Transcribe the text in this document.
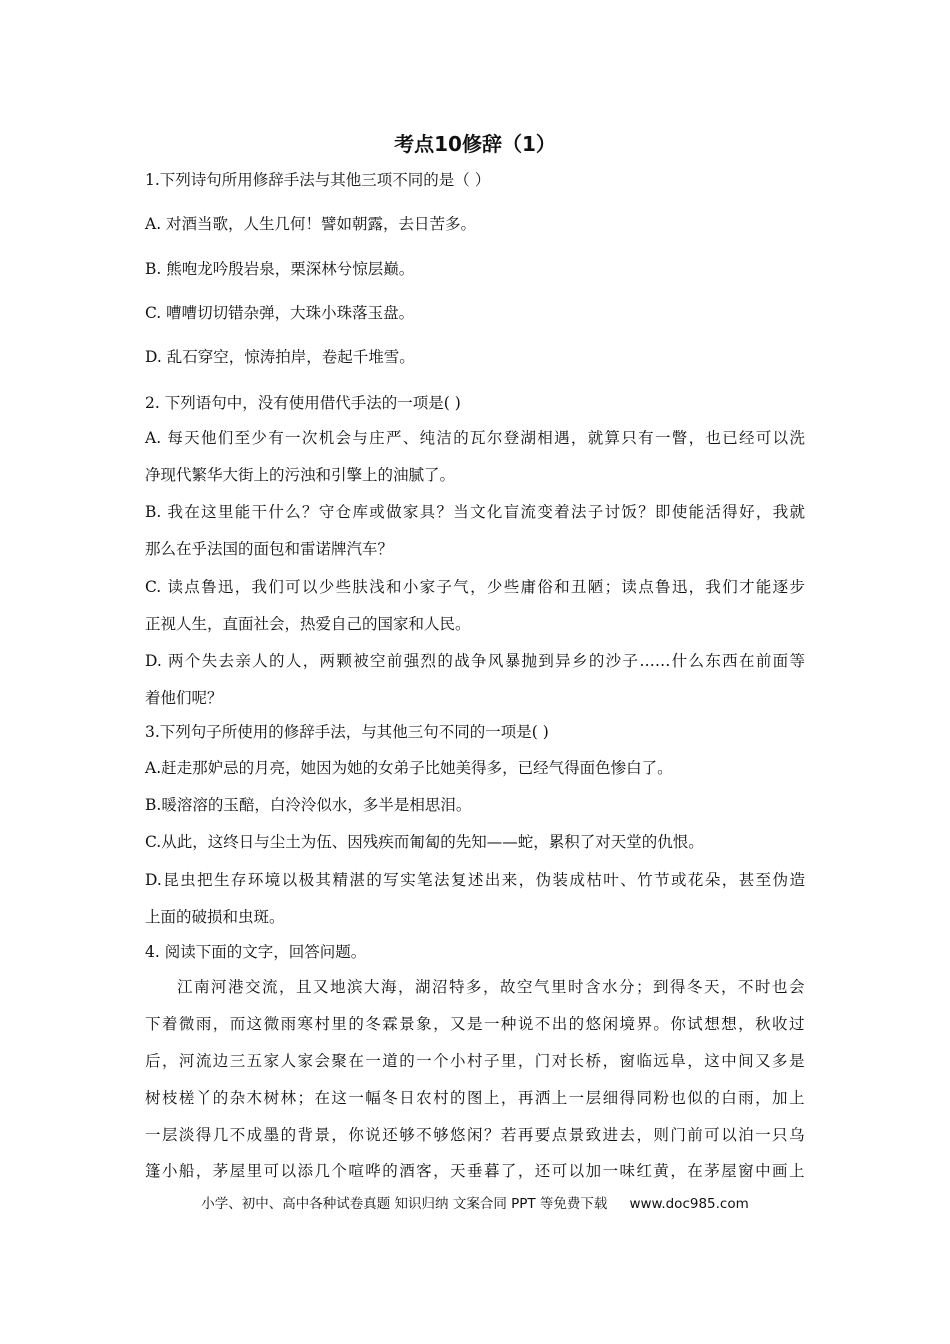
考点10修辞（1）
1.下列诗句所用修辞手法与其他三项不同的是（ ）
A. 对酒当歌，人生几何！譬如朝露，去日苦多。
B. 熊咆龙吟殷岩泉，栗深林兮惊层巅。
C. 嘈嘈切切错杂弹，大珠小珠落玉盘。
D. 乱石穿空，惊涛拍岸，卷起千堆雪。
2. 下列语句中，没有使用借代手法的一项是( )
A. 每天他们至少有一次机会与庄严、纯洁的瓦尔登湖相遇，就算只有一瞥，也已经可以洗
净现代繁华大街上的污浊和引擎上的油腻了。
B. 我在这里能干什么？守仓库或做家具？当文化盲流变着法子讨饭？即使能活得好，我就
那么在乎法国的面包和雷诺牌汽车？
C. 读点鲁迅，我们可以少些肤浅和小家子气，少些庸俗和丑陋；读点鲁迅，我们才能逐步
正视人生，直面社会，热爱自己的国家和人民。
D. 两个失去亲人的人，两颗被空前强烈的战争风暴抛到异乡的沙子……什么东西在前面等
着他们呢？
3.下列句子所使用的修辞手法，与其他三句不同的一项是( )
A.赶走那妒忌的月亮，她因为她的女弟子比她美得多，已经气得面色惨白了。
B.暖溶溶的玉醅，白泠泠似水，多半是相思泪。
C.从此，这终日与尘土为伍、因残疾而匍匐的先知——蛇，累积了对天堂的仇恨。
D.昆虫把生存环境以极其精湛的写实笔法复述出来，伪装成枯叶、竹节或花朵，甚至伪造
上面的破损和虫斑。
4. 阅读下面的文字，回答问题。
江南河港交流，且又地滨大海，湖沼特多，故空气里时含水分；到得冬天，不时也会
下着微雨，而这微雨寒村里的冬霖景象，又是一种说不出的悠闲境界。你试想想，秋收过
后，河流边三五家人家会聚在一道的一个小村子里，门对长桥，窗临远阜，这中间又多是
树枝槎丫的杂木树林；在这一幅冬日农村的图上，再洒上一层细得同粉也似的白雨，加上
一层淡得几不成墨的背景，你说还够不够悠闲？若再要点景致进去，则门前可以泊一只乌
篷小船，茅屋里可以添几个喧哗的酒客，天垂暮了，还可以加一味红黄，在茅屋窗中画上
小学、初中、高中各种试卷真题 知识归纳 文案合同 PPT 等免费下载 www.doc985.com
